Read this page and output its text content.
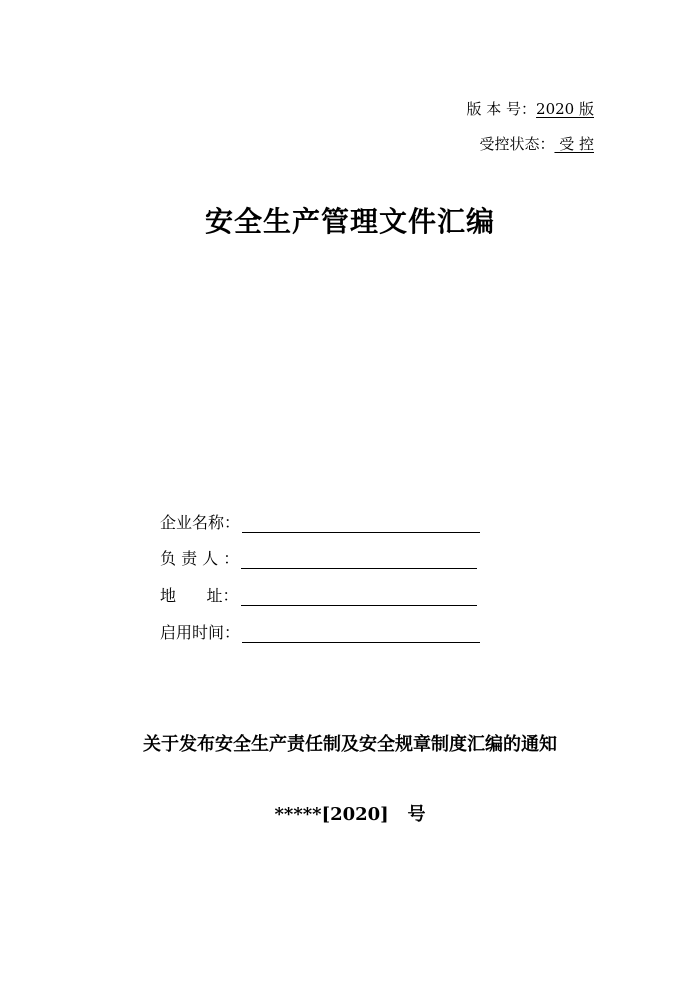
版 本 号：2020 版
受控状态： 受 控
安全生产管理文件汇编
企业名称：
负 责 人 ：
地      址：
启用时间：
关于发布安全生产责任制及安全规章制度汇编的通知
*****[2020]   号
